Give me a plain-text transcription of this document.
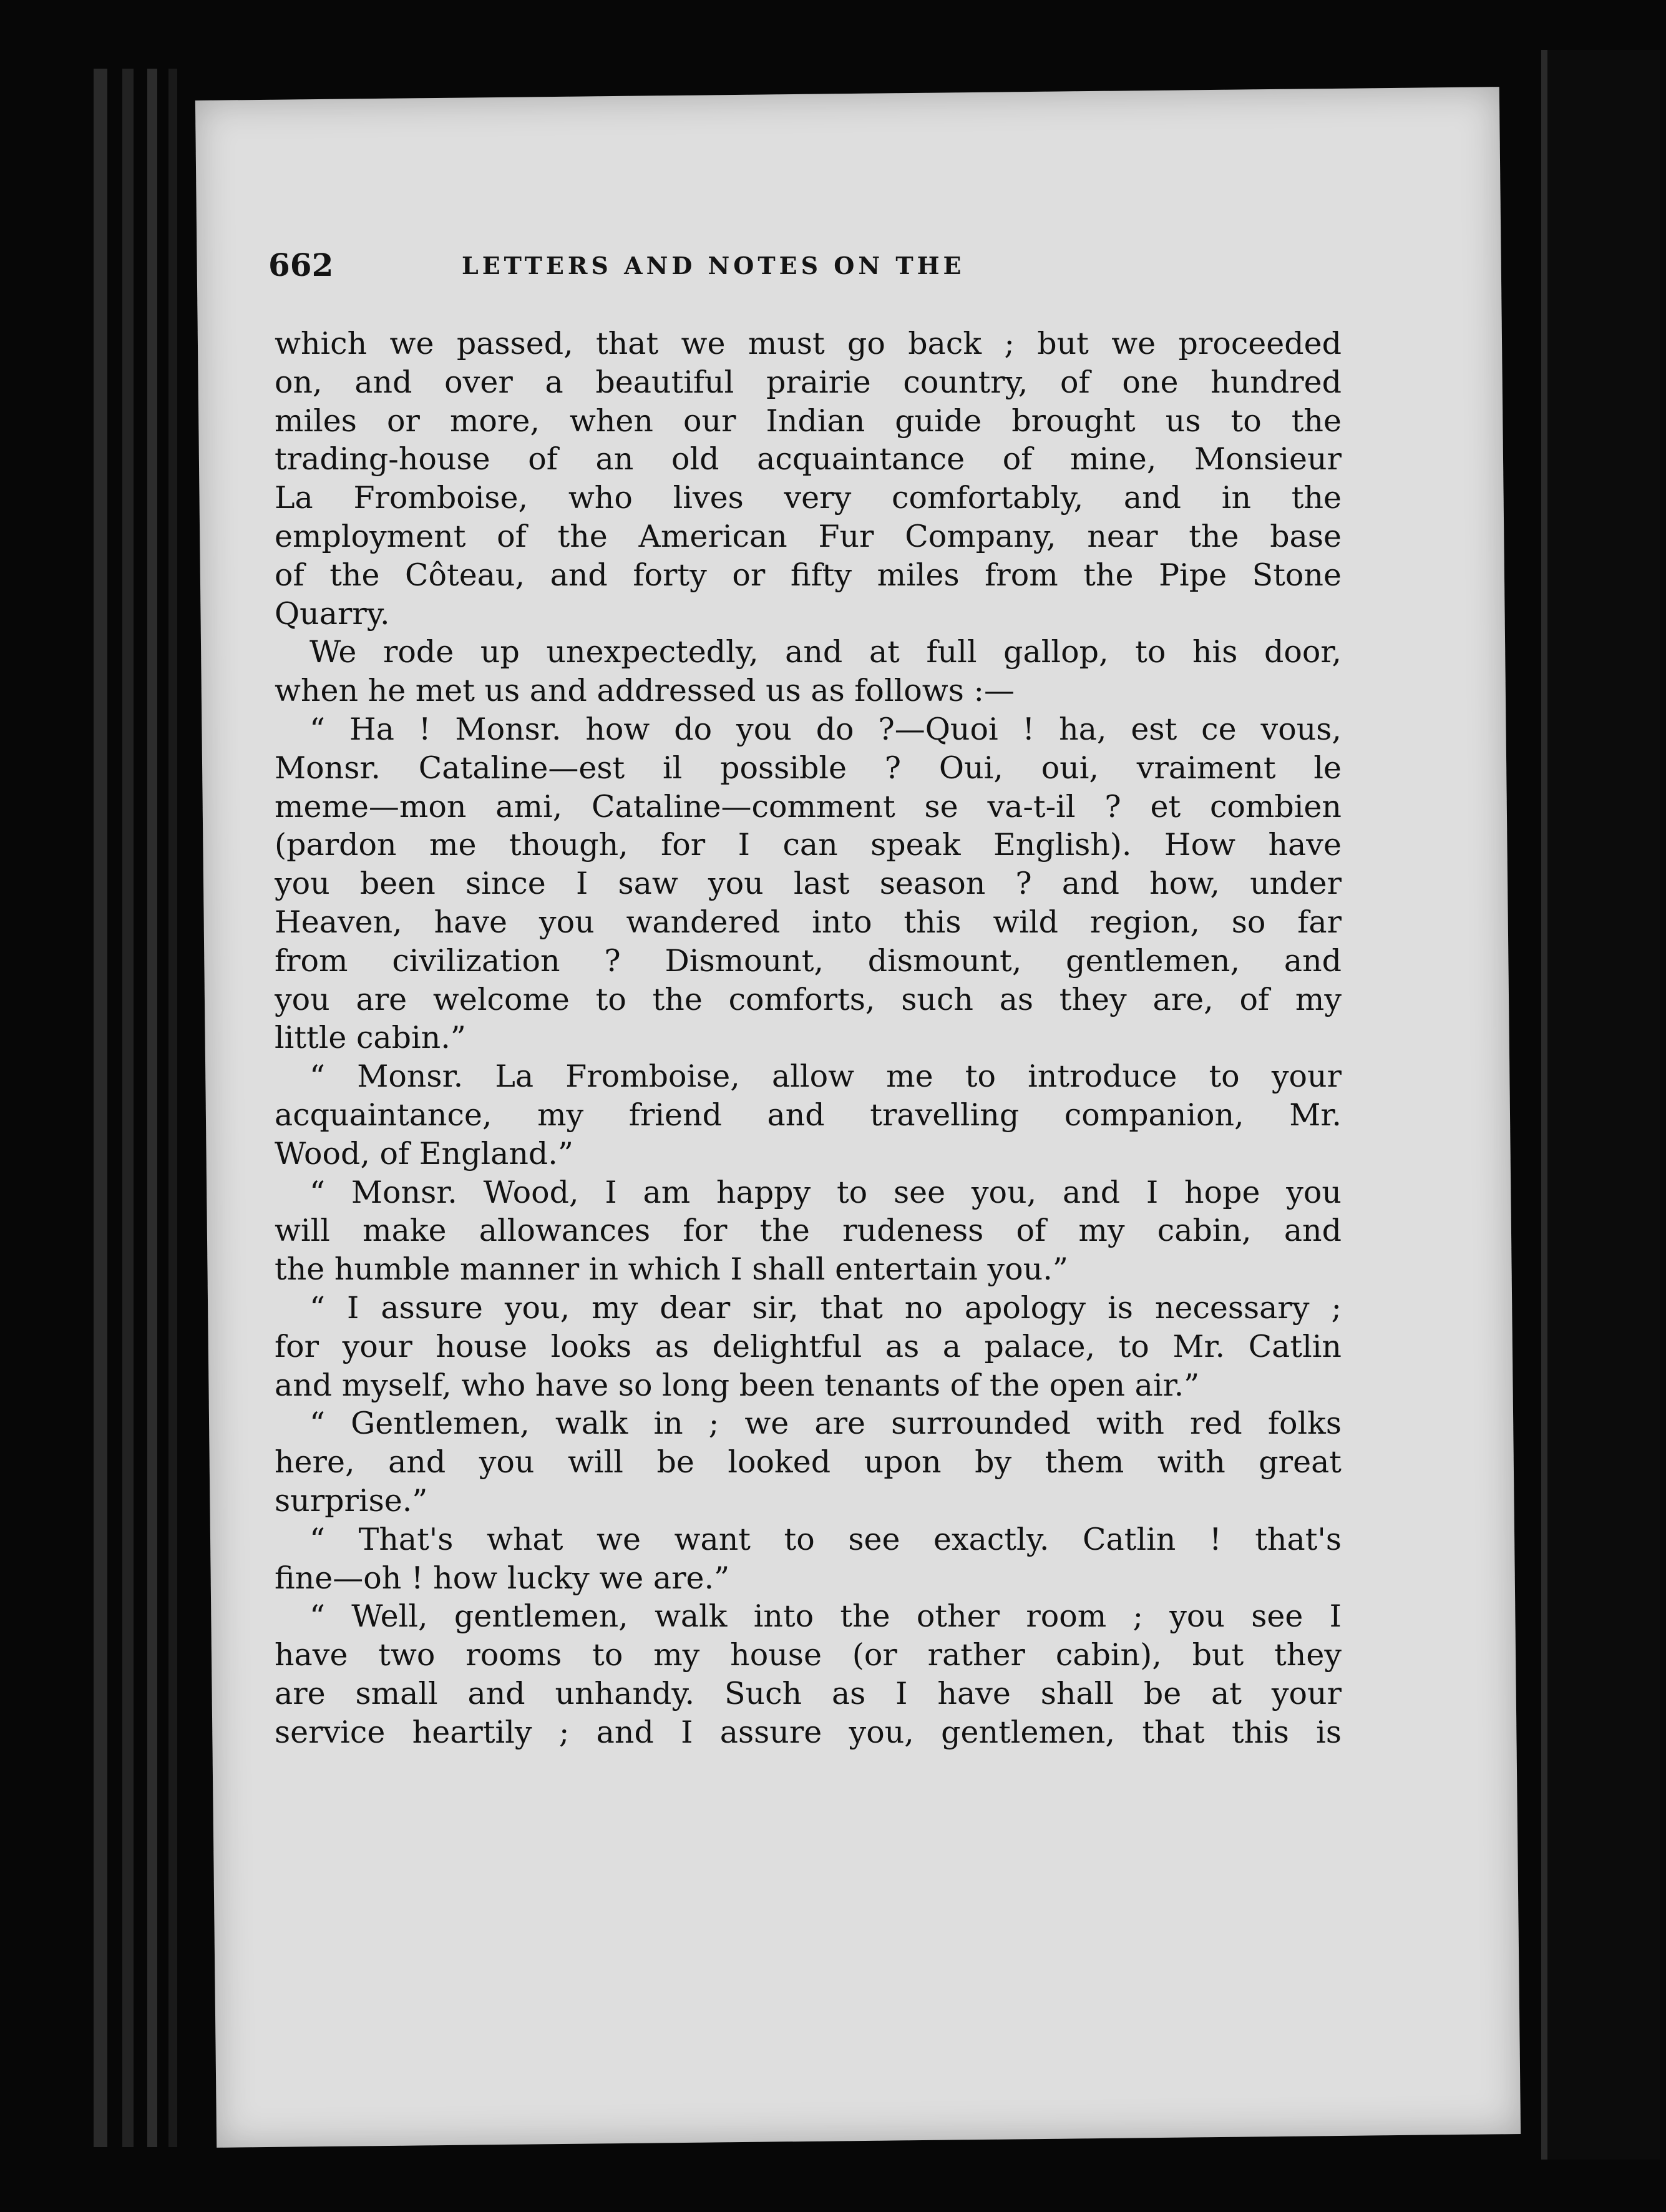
662	LETTERS AND NOTES ON THE
which we passed, that we must go back ; but we proceeded
on, and over a beautiful prairie country, of one hundred
miles or more, when our Indian guide brought us to the
trading-house of an old acquaintance of mine, Monsieur
La Fromboise, who lives very comfortably, and in the
employment of the American Fur Company, near the base
of the Côteau, and forty or fifty miles from the Pipe Stone
Quarry.
We rode up unexpectedly, and at full gallop, to his door,
when he met us and addressed us as follows :—
“ Ha ! Monsr. how do you do ?—Quoi ! ha, est ce vous,
Monsr. Cataline—est il possible ? Oui, oui, vraiment le
meme—mon ami, Cataline—comment se va-t-il ? et combien
(pardon me though, for I can speak English). How have
you been since I saw you last season ? and how, under
Heaven, have you wandered into this wild region, so far
from civilization ? Dismount, dismount, gentlemen, and
you are welcome to the comforts, such as they are, of my
little cabin.”
“ Monsr. La Fromboise, allow me to introduce to your
acquaintance, my friend and travelling companion, Mr.
Wood, of England.”
“ Monsr. Wood, I am happy to see you, and I hope you
will make allowances for the rudeness of my cabin, and
the humble manner in which I shall entertain you.”
“ I assure you, my dear sir, that no apology is necessary ;
for your house looks as delightful as a palace, to Mr. Catlin
and myself, who have so long been tenants of the open air.”
“ Gentlemen, walk in ; we are surrounded with red folks
here, and you will be looked upon by them with great
surprise.”
“ That's what we want to see exactly. Catlin ! that's
fine—oh ! how lucky we are.”
“ Well, gentlemen, walk into the other room ; you see I
have two rooms to my house (or rather cabin), but they
are small and unhandy. Such as I have shall be at your
service heartily ; and I assure you, gentlemen, that this is
